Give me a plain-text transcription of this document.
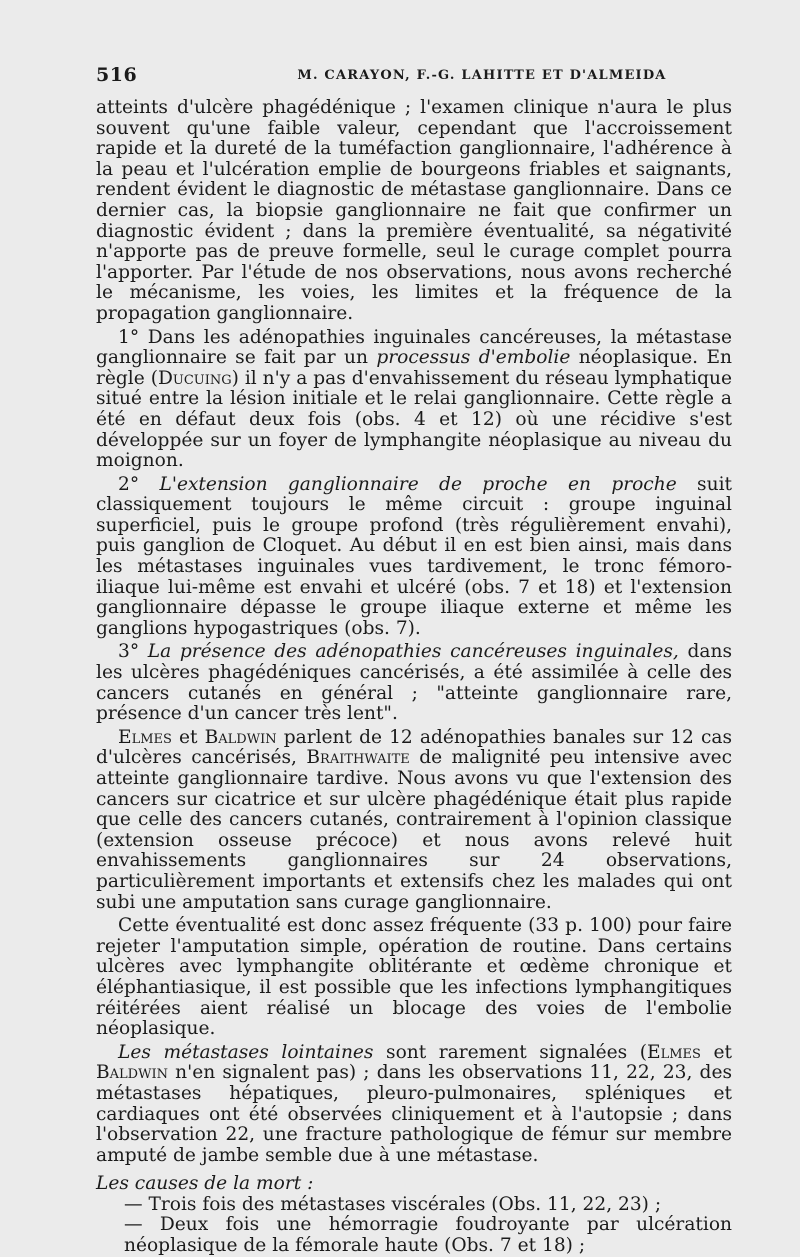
516	M. CARAYON, F.-G. LAHITTE ET D'ALMEIDA

atteints d'ulcère phagédénique ; l'examen clinique n'aura le plus souvent qu'une faible valeur, cependant que l'accroissement rapide et la dureté de la tuméfaction ganglionnaire, l'adhérence à la peau et l'ulcération emplie de bourgeons friables et saignants, rendent évident le diagnostic de métastase ganglionnaire. Dans ce dernier cas, la biopsie ganglionnaire ne fait que confirmer un diagnostic évident ; dans la première éventualité, sa négativité n'apporte pas de preuve formelle, seul le curage complet pourra l'apporter. Par l'étude de nos observations, nous avons recherché le mécanisme, les voies, les limites et la fréquence de la propagation ganglionnaire.

1° Dans les adénopathies inguinales cancéreuses, la métastase ganglionnaire se fait par un processus d'embolie néoplasique. En règle (Ducuing) il n'y a pas d'envahissement du réseau lymphatique situé entre la lésion initiale et le relai ganglionnaire. Cette règle a été en défaut deux fois (obs. 4 et 12) où une récidive s'est développée sur un foyer de lymphangite néoplasique au niveau du moignon.

2° L'extension ganglionnaire de proche en proche suit classiquement toujours le même circuit : groupe inguinal superficiel, puis le groupe profond (très régulièrement envahi), puis ganglion de Cloquet. Au début il en est bien ainsi, mais dans les métastases inguinales vues tardivement, le tronc fémoro-iliaque lui-même est envahi et ulcéré (obs. 7 et 18) et l'extension ganglionnaire dépasse le groupe iliaque externe et même les ganglions hypogastriques (obs. 7).

3° La présence des adénopathies cancéreuses inguinales, dans les ulcères phagédéniques cancérisés, a été assimilée à celle des cancers cutanés en général ; "atteinte ganglionnaire rare, présence d'un cancer très lent".

Elmes et Baldwin parlent de 12 adénopathies banales sur 12 cas d'ulcères cancérisés, Braithwaite de malignité peu intensive avec atteinte ganglionnaire tardive. Nous avons vu que l'extension des cancers sur cicatrice et sur ulcère phagédénique était plus rapide que celle des cancers cutanés, contrairement à l'opinion classique (extension osseuse précoce) et nous avons relevé huit envahissements ganglionnaires sur 24 observations, particulièrement importants et extensifs chez les malades qui ont subi une amputation sans curage ganglionnaire.

Cette éventualité est donc assez fréquente (33 p. 100) pour faire rejeter l'amputation simple, opération de routine. Dans certains ulcères avec lymphangite oblitérante et œdème chronique et éléphantiasique, il est possible que les infections lymphangitiques réitérées aient réalisé un blocage des voies de l'embolie néoplasique.

Les métastases lointaines sont rarement signalées (Elmes et Baldwin n'en signalent pas) ; dans les observations 11, 22, 23, des métastases hépatiques, pleuro-pulmonaires, spléniques et cardiaques ont été observées cliniquement et à l'autopsie ; dans l'observation 22, une fracture pathologique de fémur sur membre amputé de jambe semble due à une métastase.

Les causes de la mort :

— Trois fois des métastases viscérales (Obs. 11, 22, 23) ;

— Deux fois une hémorragie foudroyante par ulcération néoplasique de la fémorale haute (Obs. 7 et 18) ;
